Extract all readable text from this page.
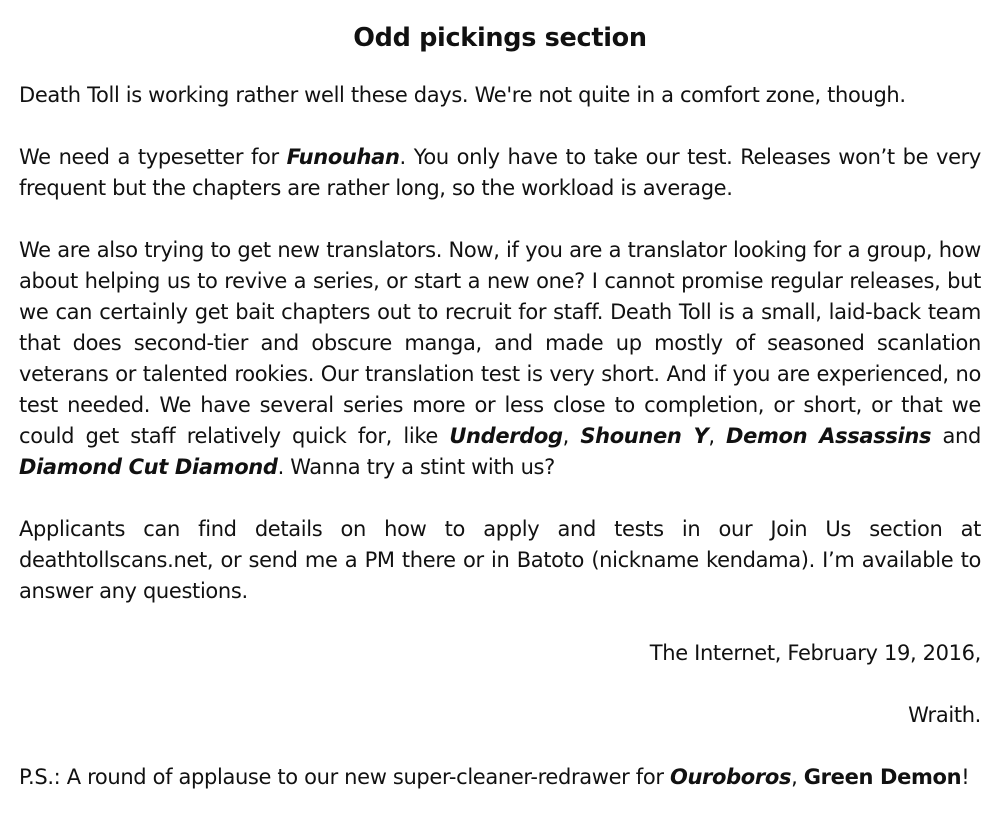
Odd pickings section

Death Toll is working rather well these days. We're not quite in a comfort zone, though.

We need a typesetter for Funouhan. You only have to take our test. Releases won’t be very frequent but the chapters are rather long, so the workload is average.

We are also trying to get new translators. Now, if you are a translator looking for a group, how about helping us to revive a series, or start a new one? I cannot promise regular releases, but we can certainly get bait chapters out to recruit for staff. Death Toll is a small, laid-back team that does second-tier and obscure manga, and made up mostly of seasoned scanlation veterans or talented rookies. Our translation test is very short. And if you are experienced, no test needed. We have several series more or less close to completion, or short, or that we could get staff relatively quick for, like Underdog, Shounen Y, Demon Assassins and Diamond Cut Diamond. Wanna try a stint with us?

Applicants can find details on how to apply and tests in our Join Us section at deathtollscans.net, or send me a PM there or in Batoto (nickname kendama). I’m available to answer any questions.

The Internet, February 19, 2016,

Wraith.

P.S.: A round of applause to our new super-cleaner-redrawer for Ouroboros, Green Demon!
